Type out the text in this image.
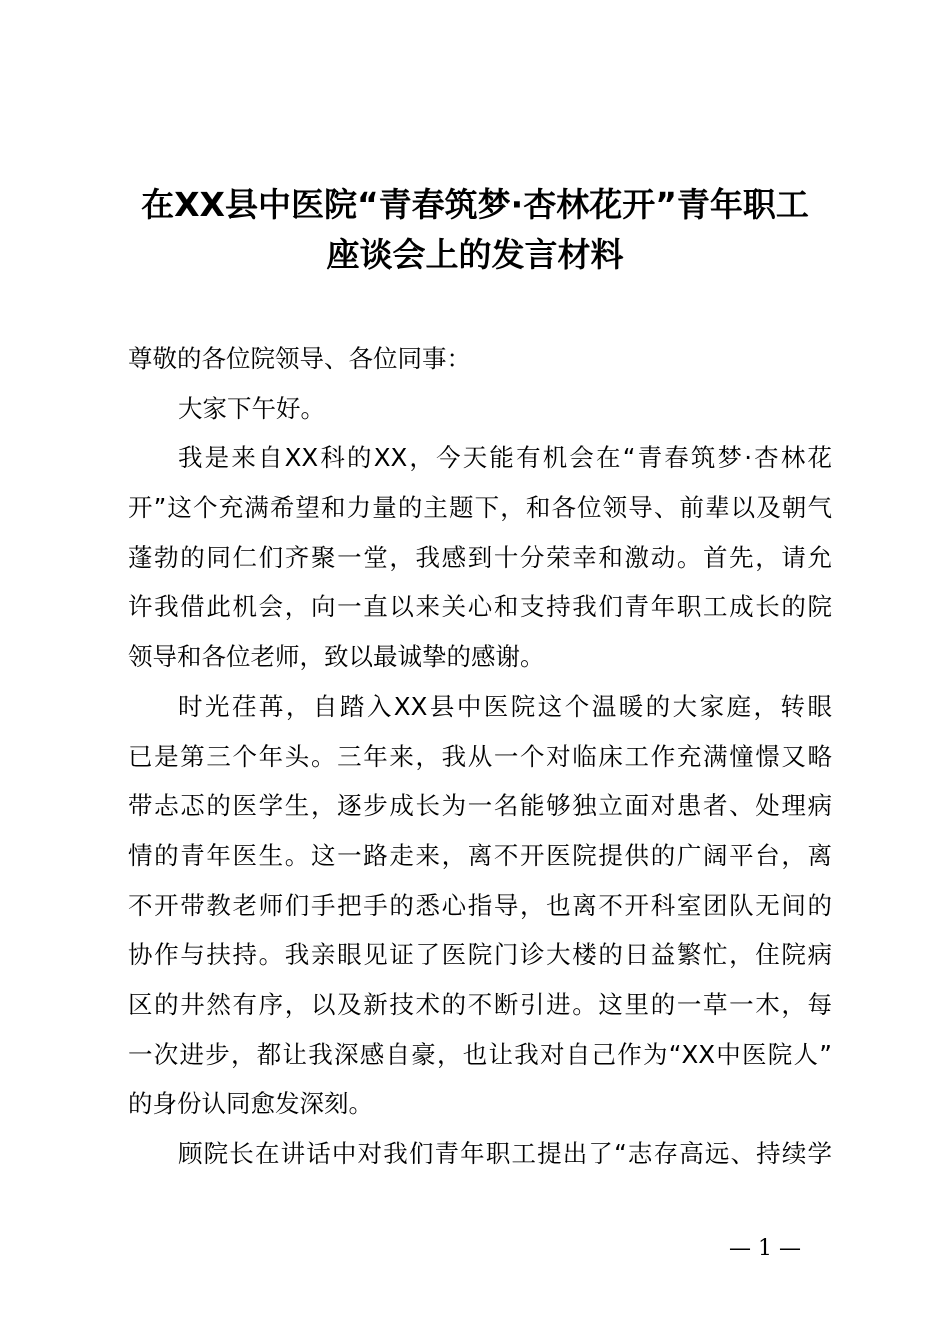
在XX县中医院“青春筑梦·杏林花开”青年职工
座谈会上的发言材料
尊敬的各位院领导、各位同事：
大家下午好。
我是来自XX科的XX，今天能有机会在“青春筑梦·杏林花
开”这个充满希望和力量的主题下，和各位领导、前辈以及朝气
蓬勃的同仁们齐聚一堂，我感到十分荣幸和激动。首先，请允
许我借此机会，向一直以来关心和支持我们青年职工成长的院
领导和各位老师，致以最诚挚的感谢。
时光荏苒，自踏入XX县中医院这个温暖的大家庭，转眼
已是第三个年头。三年来，我从一个对临床工作充满憧憬又略
带忐忑的医学生，逐步成长为一名能够独立面对患者、处理病
情的青年医生。这一路走来，离不开医院提供的广阔平台，离
不开带教老师们手把手的悉心指导，也离不开科室团队无间的
协作与扶持。我亲眼见证了医院门诊大楼的日益繁忙，住院病
区的井然有序，以及新技术的不断引进。这里的一草一木，每
一次进步，都让我深感自豪，也让我对自己作为“XX中医院人”
的身份认同愈发深刻。
顾院长在讲话中对我们青年职工提出了“志存高远、持续学
— 1 —
